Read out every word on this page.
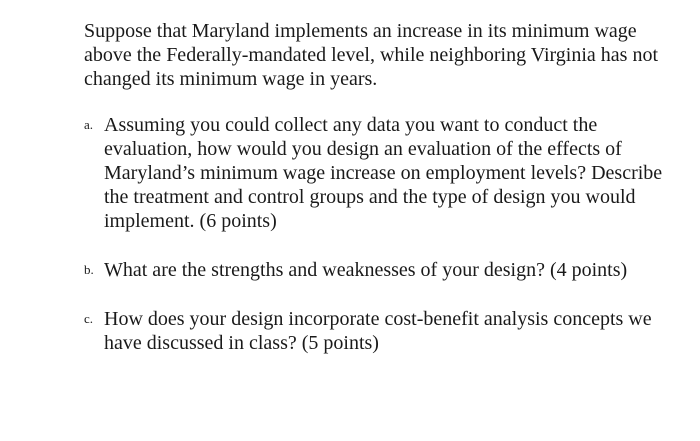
Suppose that Maryland implements an increase in its minimum wage above the Federally-mandated level, while neighboring Virginia has not changed its minimum wage in years.

a. Assuming you could collect any data you want to conduct the evaluation, how would you design an evaluation of the effects of Maryland’s minimum wage increase on employment levels? Describe the treatment and control groups and the type of design you would implement. (6 points)
b. What are the strengths and weaknesses of your design? (4 points)
c. How does your design incorporate cost-benefit analysis concepts we have discussed in class? (5 points)
